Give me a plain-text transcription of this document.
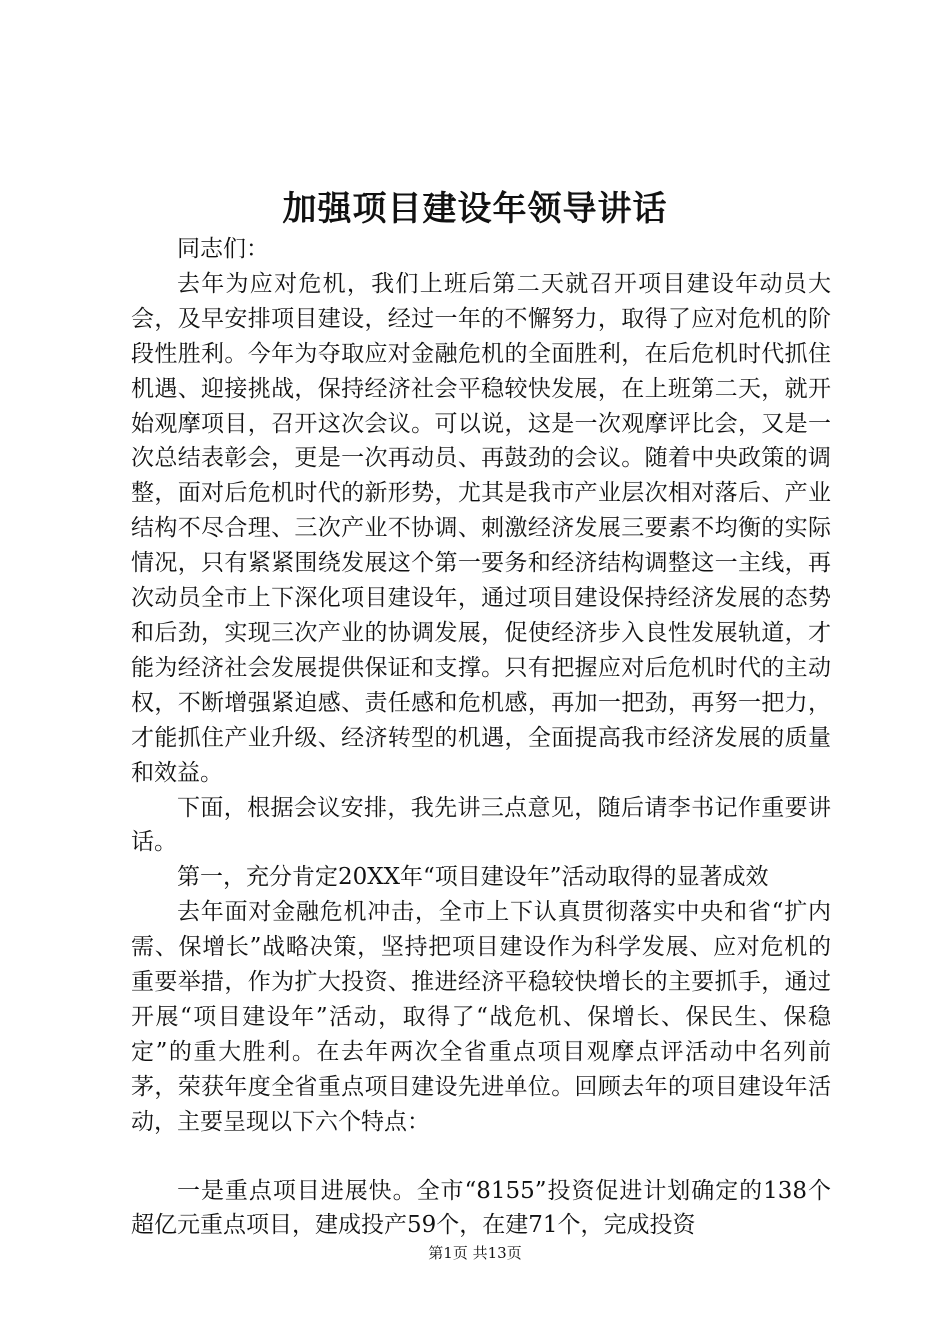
加强项目建设年领导讲话

同志们：

去年为应对危机，我们上班后第二天就召开项目建设年动员大会，及早安排项目建设，经过一年的不懈努力，取得了应对危机的阶段性胜利。今年为夺取应对金融危机的全面胜利，在后危机时代抓住机遇、迎接挑战，保持经济社会平稳较快发展，在上班第二天，就开始观摩项目，召开这次会议。可以说，这是一次观摩评比会，又是一次总结表彰会，更是一次再动员、再鼓劲的会议。随着中央政策的调整，面对后危机时代的新形势，尤其是我市产业层次相对落后、产业结构不尽合理、三次产业不协调、刺激经济发展三要素不均衡的实际情况，只有紧紧围绕发展这个第一要务和经济结构调整这一主线，再次动员全市上下深化项目建设年，通过项目建设保持经济发展的态势和后劲，实现三次产业的协调发展，促使经济步入良性发展轨道，才能为经济社会发展提供保证和支撑。只有把握应对后危机时代的主动权，不断增强紧迫感、责任感和危机感，再加一把劲，再努一把力，才能抓住产业升级、经济转型的机遇，全面提高我市经济发展的质量和效益。

下面，根据会议安排，我先讲三点意见，随后请李书记作重要讲话。

第一，充分肯定20XX年“项目建设年”活动取得的显著成效

去年面对金融危机冲击，全市上下认真贯彻落实中央和省“扩内需、保增长”战略决策，坚持把项目建设作为科学发展、应对危机的重要举措，作为扩大投资、推进经济平稳较快增长的主要抓手，通过开展“项目建设年”活动，取得了“战危机、保增长、保民生、保稳定”的重大胜利。在去年两次全省重点项目观摩点评活动中名列前茅，荣获年度全省重点项目建设先进单位。回顾去年的项目建设年活动，主要呈现以下六个特点：

一是重点项目进展快。全市“8155”投资促进计划确定的138个超亿元重点项目，建成投产59个，在建71个，完成投资

第1页 共13页
